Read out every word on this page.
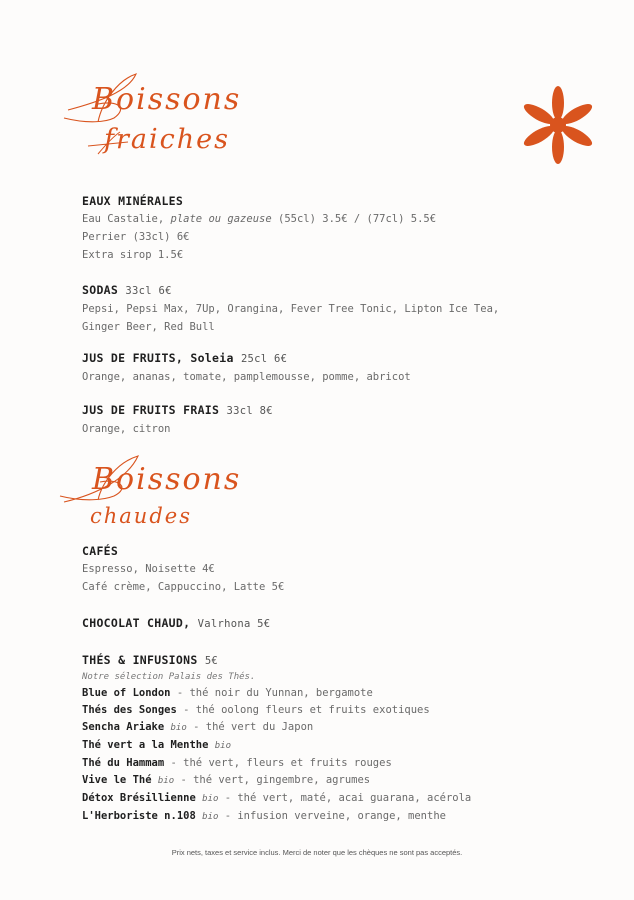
Boissons
fraiches
EAUX MINÉRALES
Eau Castalie, plate ou gazeuse (55cl) 3.5€ / (77cl) 5.5€
Perrier (33cl) 6€
Extra sirop 1.5€
SODAS 33cl 6€
Pepsi, Pepsi Max, 7Up, Orangina, Fever Tree Tonic, Lipton Ice Tea,
Ginger Beer, Red Bull
JUS DE FRUITS, Soleia 25cl 6€
Orange, ananas, tomate, pamplemousse, pomme, abricot
JUS DE FRUITS FRAIS 33cl 8€
Orange, citron
Boissons
chaudes
CAFÉS
Espresso, Noisette 4€
Café crème, Cappuccino, Latte 5€
CHOCOLAT CHAUD, Valrhona 5€
THÉS & INFUSIONS 5€
Notre sélection Palais des Thés.
Blue of London - thé noir du Yunnan, bergamote
Thés des Songes - thé oolong fleurs et fruits exotiques
Sencha Ariake bio - thé vert du Japon
Thé vert a la Menthe bio
Thé du Hammam - thé vert, fleurs et fruits rouges
Vive le Thé bio - thé vert, gingembre, agrumes
Détox Brésillienne bio - thé vert, maté, acai guarana, acérola
L'Herboriste n.108 bio - infusion verveine, orange, menthe
Prix nets, taxes et service inclus. Merci de noter que les chèques ne sont pas acceptés.
